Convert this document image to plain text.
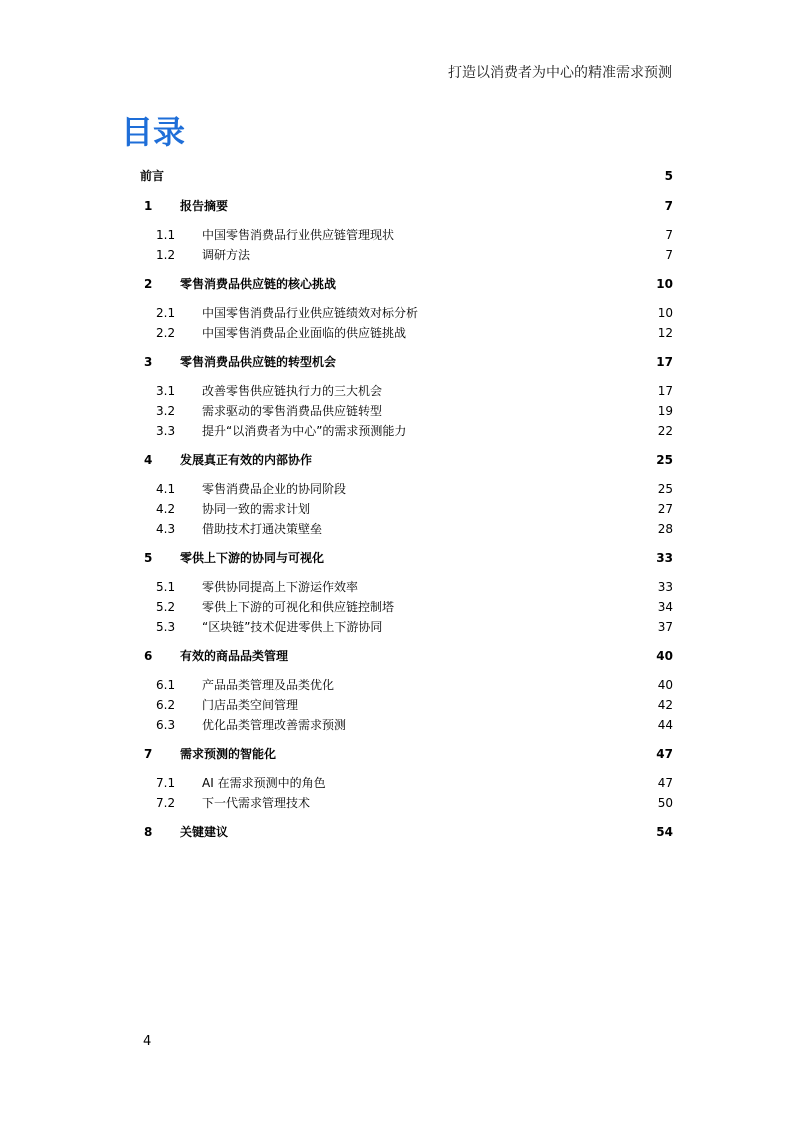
打造以消费者为中心的精准需求预测
目录
前言	5
1 报告摘要	7
1.1 中国零售消费品行业供应链管理现状	7
1.2 调研方法	7
2 零售消费品供应链的核心挑战	10
2.1 中国零售消费品行业供应链绩效对标分析	10
2.2 中国零售消费品企业面临的供应链挑战	12
3 零售消费品供应链的转型机会	17
3.1 改善零售供应链执行力的三大机会	17
3.2 需求驱动的零售消费品供应链转型	19
3.3 提升“以消费者为中心”的需求预测能力	22
4 发展真正有效的内部协作	25
4.1 零售消费品企业的协同阶段	25
4.2 协同一致的需求计划	27
4.3 借助技术打通决策壁垒	28
5 零供上下游的协同与可视化	33
5.1 零供协同提高上下游运作效率	33
5.2 零供上下游的可视化和供应链控制塔	34
5.3 “区块链”技术促进零供上下游协同	37
6 有效的商品品类管理	40
6.1 产品品类管理及品类优化	40
6.2 门店品类空间管理	42
6.3 优化品类管理改善需求预测	44
7 需求预测的智能化	47
7.1 AI 在需求预测中的角色	47
7.2 下一代需求管理技术	50
8 关键建议	54
4
